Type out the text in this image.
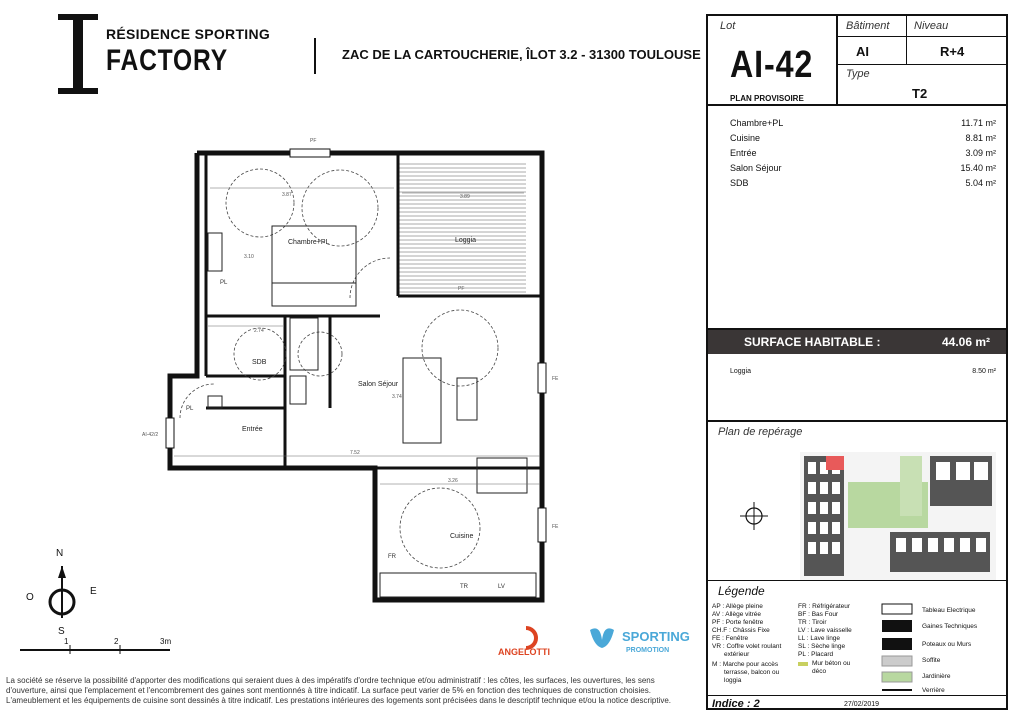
RÉSIDENCE SPORTING
FACTORY	ZAC DE LA CARTOUCHERIE, ÎLOT 3.2 - 31300 TOULOUSE
Chambre+PL	Loggia
SDB
Salon Séjour
Entrée
Cuisine
PL
PL
FR
LV
TR
3.87
2.74
7.52
3.26
3.89
3.10
3.74
PF
PF
FE
FE
AI-42/2
N
S
E
O
1	2	3m
ANGELOTTI
SPORTING
PROMOTION
La société se réserve la possibilité d'apporter des modifications qui seraient dues à des impératifs d'ordre technique et/ou administratif : les côtes, les surfaces, les ouvertures, les sens d'ouverture, ainsi que l'emplacement et l'encombrement des gaines sont mentionnés à titre indicatif. La surface peut varier de 5% en fonction des techniques de construction choisies. L'ameublement et les équipements de cuisine sont dessinés à titre indicatif. Les prestations intérieures des logements sont précisées dans le descriptif technique et/ou la notice descriptive.
Lot
AI-42
PLAN PROVISOIRE
Bâtiment
AI
Niveau
R+4
Type
T2
Chambre+PL	11.71 m²
Cuisine	8.81 m²
Entrée	3.09 m²
Salon Séjour	15.40 m²
SDB	5.04 m²
SURFACE HABITABLE :	44.06 m²
Loggia	8.50 m²
Plan de repérage
Légende
AP : Allège pleine
AV : Allège vitrée
PF : Porte fenêtre
CH.F : Châssis Fixe
FE : Fenêtre
VR : Coffre volet roulant
extérieur
M : Marche pour accès
terrasse, balcon ou
loggia
FR : Réfrigérateur
BF : Bas Four
TR : Tiroir
LV : Lave vaisselle
LL : Lave linge
SL : Sèche linge
PL : Placard
Mur béton ou
déco
Tableau Electrique
Gaines Techniques
Poteaux ou Murs
Soffite
Jardinière
Verrière
Indice : 2	27/02/2019
